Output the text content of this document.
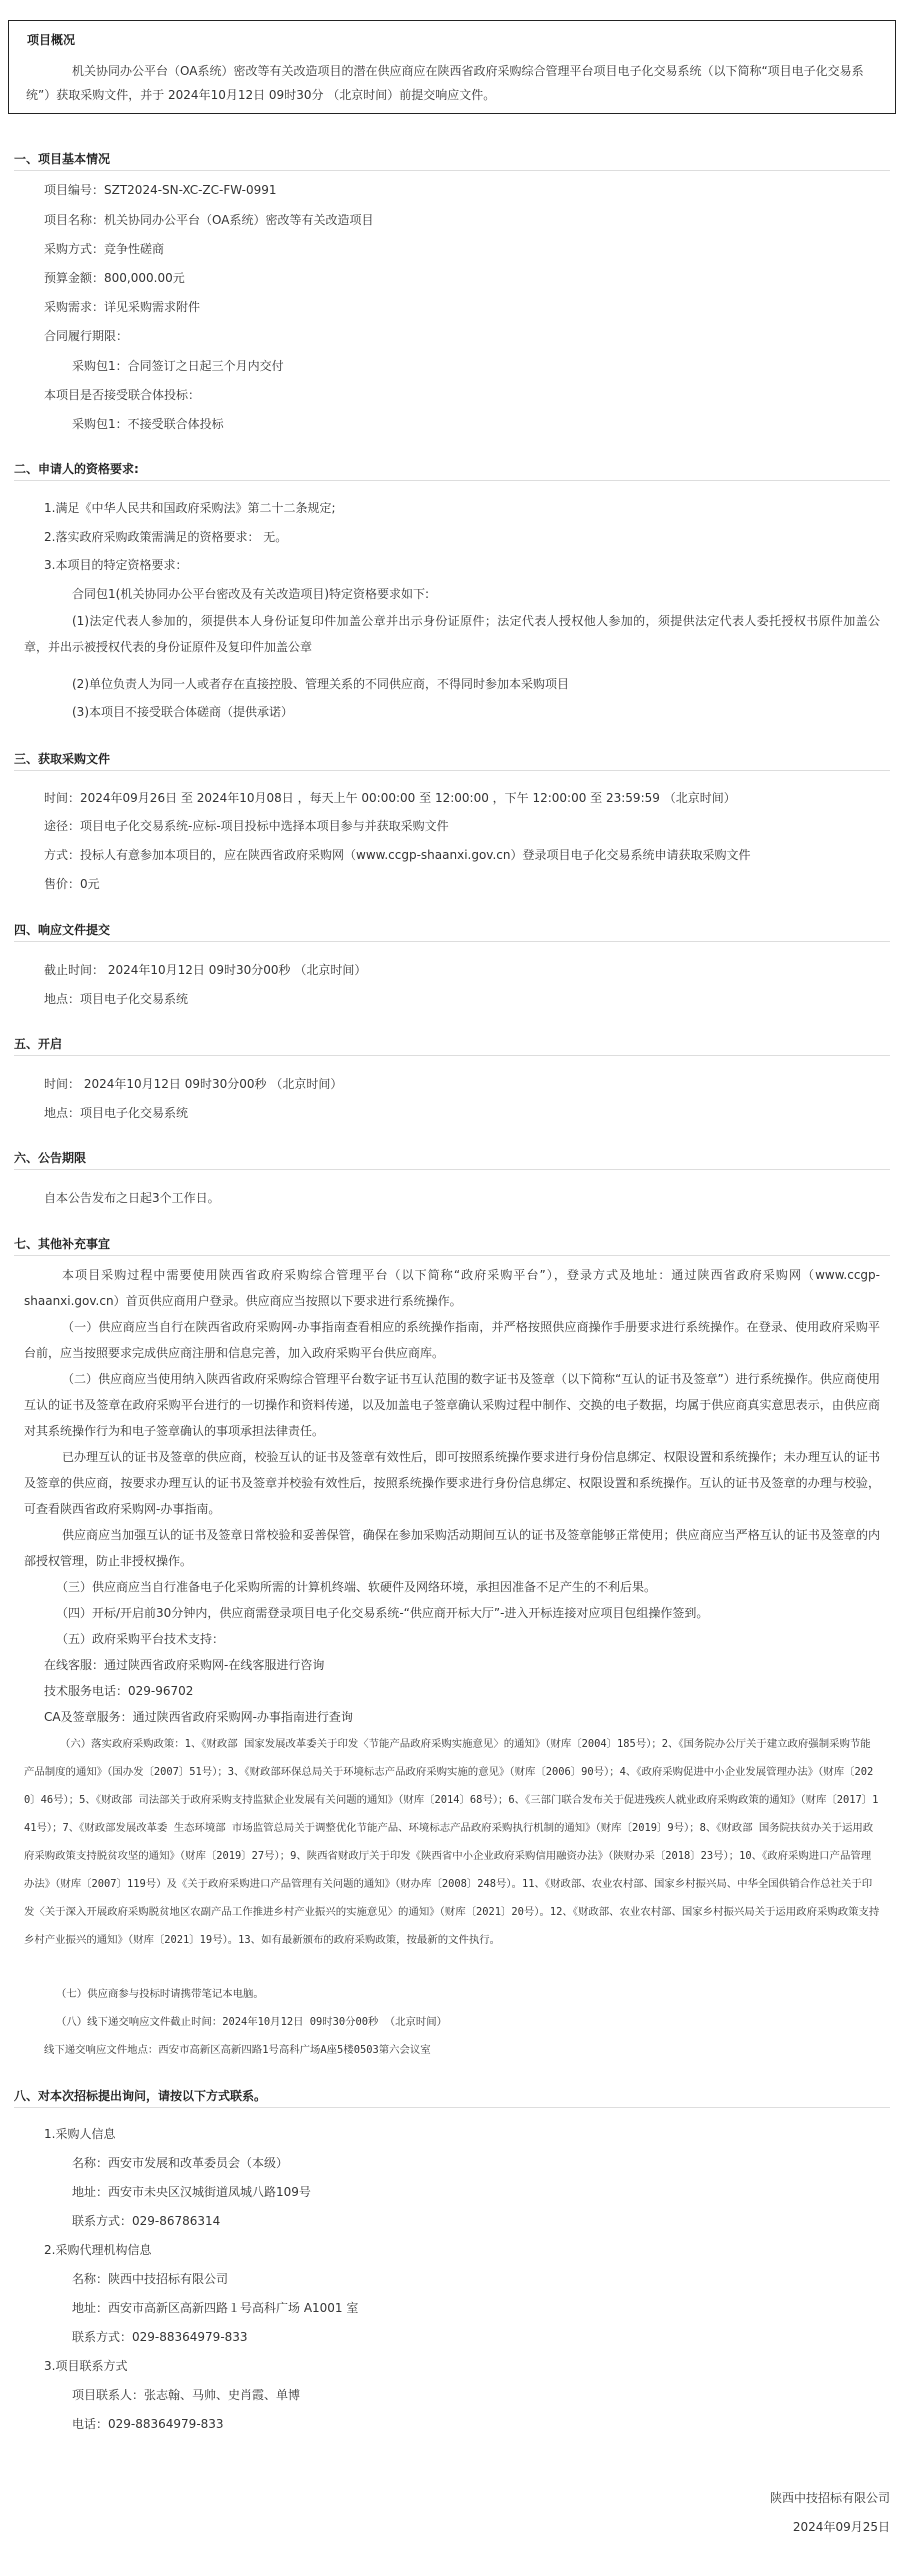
项目概况
机关协同办公平台（OA系统）密改等有关改造项目的潜在供应商应在陕西省政府采购综合管理平台项目电子化交易系统（以下简称“项目电子化交易系统”）获取采购文件，并于 2024年10月12日 09时30分 （北京时间）前提交响应文件。
一、项目基本情况
项目编号：SZT2024-SN-XC-ZC-FW-0991
项目名称：机关协同办公平台（OA系统）密改等有关改造项目
采购方式：竞争性磋商
预算金额：800,000.00元
采购需求：详见采购需求附件
合同履行期限：
采购包1：合同签订之日起三个月内交付
本项目是否接受联合体投标：
采购包1：不接受联合体投标
二、申请人的资格要求:
1.满足《中华人民共和国政府采购法》第二十二条规定;
2.落实政府采购政策需满足的资格要求： 无。
3.本项目的特定资格要求：
合同包1(机关协同办公平台密改及有关改造项目)特定资格要求如下:
(1)法定代表人参加的，须提供本人身份证复印件加盖公章并出示身份证原件；法定代表人授权他人参加的，须提供法定代表人委托授权书原件加盖公章，并出示被授权代表的身份证原件及复印件加盖公章
(2)单位负责人为同一人或者存在直接控股、管理关系的不同供应商，不得同时参加本采购项目
(3)本项目不接受联合体磋商（提供承诺）
三、获取采购文件
时间：2024年09月26日 至 2024年10月08日 ，每天上午 00:00:00 至 12:00:00 ，下午 12:00:00 至 23:59:59 （北京时间）
途径：项目电子化交易系统-应标-项目投标中选择本项目参与并获取采购文件
方式：投标人有意参加本项目的，应在陕西省政府采购网（www.ccgp-shaanxi.gov.cn）登录项目电子化交易系统申请获取采购文件
售价：0元
四、响应文件提交
截止时间： 2024年10月12日 09时30分00秒 （北京时间）
地点：项目电子化交易系统
五、开启
时间： 2024年10月12日 09时30分00秒 （北京时间）
地点：项目电子化交易系统
六、公告期限
自本公告发布之日起3个工作日。
七、其他补充事宜
本项目采购过程中需要使用陕西省政府采购综合管理平台（以下简称“政府采购平台”），登录方式及地址：通过陕西省政府采购网（www.ccgp-shaanxi.gov.cn）首页供应商用户登录。供应商应当按照以下要求进行系统操作。
（一）供应商应当自行在陕西省政府采购网-办事指南查看相应的系统操作指南，并严格按照供应商操作手册要求进行系统操作。在登录、使用政府采购平台前，应当按照要求完成供应商注册和信息完善，加入政府采购平台供应商库。
（二）供应商应当使用纳入陕西省政府采购综合管理平台数字证书互认范围的数字证书及签章（以下简称“互认的证书及签章”）进行系统操作。供应商使用互认的证书及签章在政府采购平台进行的一切操作和资料传递，以及加盖电子签章确认采购过程中制作、交换的电子数据，均属于供应商真实意思表示，由供应商对其系统操作行为和电子签章确认的事项承担法律责任。
已办理互认的证书及签章的供应商，校验互认的证书及签章有效性后，即可按照系统操作要求进行身份信息绑定、权限设置和系统操作；未办理互认的证书及签章的供应商，按要求办理互认的证书及签章并校验有效性后，按照系统操作要求进行身份信息绑定、权限设置和系统操作。互认的证书及签章的办理与校验，可查看陕西省政府采购网-办事指南。
供应商应当加强互认的证书及签章日常校验和妥善保管，确保在参加采购活动期间互认的证书及签章能够正常使用；供应商应当严格互认的证书及签章的内部授权管理，防止非授权操作。
（三）供应商应当自行准备电子化采购所需的计算机终端、软硬件及网络环境，承担因准备不足产生的不利后果。
（四）开标/开启前30分钟内，供应商需登录项目电子化交易系统-“供应商开标大厅”-进入开标连接对应项目包组操作签到。
（五）政府采购平台技术支持：
在线客服：通过陕西省政府采购网-在线客服进行咨询
技术服务电话：029-96702
CA及签章服务：通过陕西省政府采购网-办事指南进行查询
（六）落实政府采购政策：1、《财政部 国家发展改革委关于印发〈节能产品政府采购实施意见〉的通知》（财库〔2004〕185号）；2、《国务院办公厅关于建立政府强制采购节能产品制度的通知》（国办发〔2007〕51号）；3、《财政部环保总局关于环境标志产品政府采购实施的意见》（财库〔2006〕90号）；4、《政府采购促进中小企业发展管理办法》（财库〔2020〕46号）；5、《财政部 司法部关于政府采购支持监狱企业发展有关问题的通知》（财库〔2014〕68号）；6、《三部门联合发布关于促进残疾人就业政府采购政策的通知》（财库〔2017〕141号）；7、《财政部发展改革委 生态环境部 市场监管总局关于调整优化节能产品、环境标志产品政府采购执行机制的通知》（财库〔2019〕9号）；8、《财政部 国务院扶贫办关于运用政府采购政策支持脱贫攻坚的通知》（财库〔2019〕27号）；9、陕西省财政厅关于印发《陕西省中小企业政府采购信用融资办法》（陕财办采〔2018〕23号）；10、《政府采购进口产品管理办法》（财库〔2007〕119号）及《关于政府采购进口产品管理有关问题的通知》（财办库〔2008〕248号）。11、《财政部、农业农村部、国家乡村振兴局、中华全国供销合作总社关于印发〈关于深入开展政府采购脱贫地区农副产品工作推进乡村产业振兴的实施意见〉的通知》（财库〔2021〕20号）。12、《财政部、农业农村部、国家乡村振兴局关于运用政府采购政策支持乡村产业振兴的通知》（财库〔2021〕19号）。13、如有最新颁布的政府采购政策，按最新的文件执行。
（七）供应商参与投标时请携带笔记本电脑。
（八）线下递交响应文件截止时间：2024年10月12日 09时30分00秒 （北京时间）
线下递交响应文件地点：西安市高新区高新四路1号高科广场A座5楼0503第六会议室
八、对本次招标提出询问，请按以下方式联系。
1.采购人信息
名称：西安市发展和改革委员会（本级）
地址：西安市未央区汉城街道凤城八路109号
联系方式：029-86786314
2.采购代理机构信息
名称：陕西中技招标有限公司
地址：西安市高新区高新四路１号高科广场 A1001 室
联系方式：029-88364979-833
3.项目联系方式
项目联系人：张志翰、马帅、史肖霞、单博
电话：029-88364979-833
陕西中技招标有限公司
2024年09月25日
